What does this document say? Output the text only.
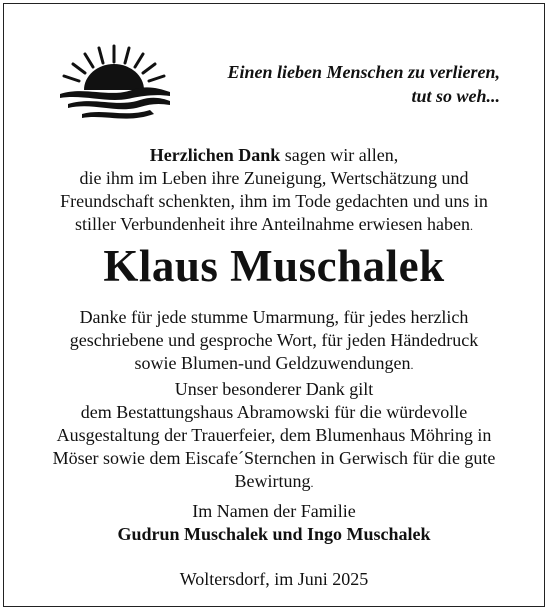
Einen lieben Menschen zu verlieren,
tut so weh...
Herzlichen Dank sagen wir allen,
die ihm im Leben ihre Zuneigung, Wertschätzung und
Freundschaft schenkten, ihm im Tode gedachten und uns in
stiller Verbundenheit ihre Anteilnahme erwiesen haben.
Klaus Muschalek
Danke für jede stumme Umarmung, für jedes herzlich
geschriebene und gesproche Wort, für jeden Händedruck
sowie Blumen-und Geldzuwendungen.
Unser besonderer Dank gilt
dem Bestattungshaus Abramowski für die würdevolle
Ausgestaltung der Trauerfeier, dem Blumenhaus Möhring in
Möser sowie dem Eiscafe´Sternchen in Gerwisch für die gute
Bewirtung.
Im Namen der Familie
Gudrun Muschalek und Ingo Muschalek
Woltersdorf, im Juni 2025
